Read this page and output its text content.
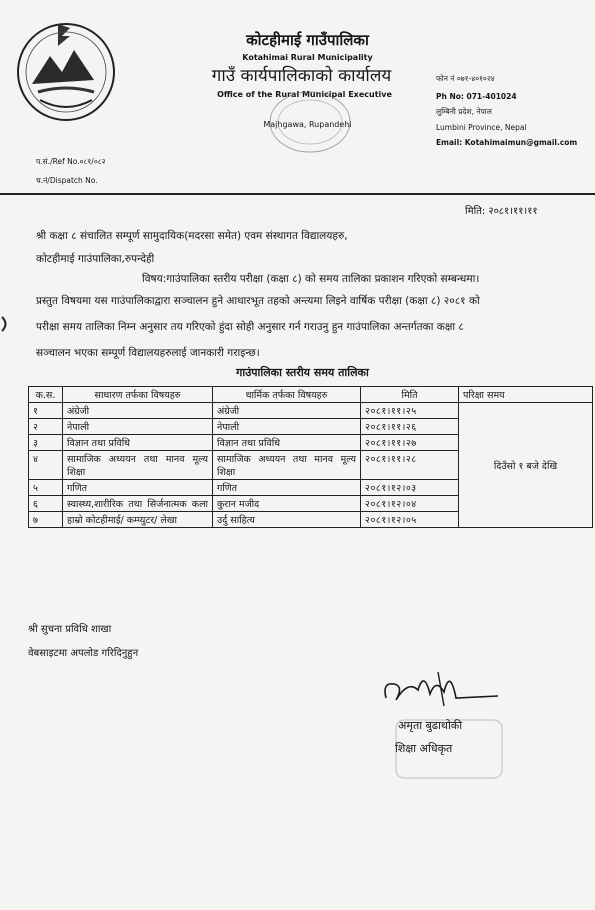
कोटहीमाई गाउँपालिका
Kotahimai Rural Municipality
गाउँ कार्यपालिकाको कार्यालय
Office of the Rural Municipal Executive
Majhgawa, Rupandehi
फोन नं ०७१-४०१०२४
Ph No: 071-401024
लुम्बिनी प्रदेश, नेपाल
Lumbini Province, Nepal
Email: Kotahimaimun@gmail.com
प.सं./Ref No.०८१/०८२
च.नं/Dispatch No.
मिति: २०८१।११।११
श्री कक्षा ८ संचालित सम्पूर्ण सामुदायिक(मदरसा समेत) एवम संस्थागत विद्यालयहरु,
कोटहीमाई गाउंपालिका,रुपन्देही
विषय:गाउंपालिका स्तरीय परीक्षा (कक्षा ८) को समय तालिका प्रकाशन गरिएको सम्बन्धमा।
प्रस्तुत विषयमा यस गाउंपालिकाद्वारा सञ्चालन हुने आधारभूत तहको अन्त्यमा लिइने वार्षिक परीक्षा (कक्षा ८) २०८१ को
परीक्षा समय तालिका निम्न अनुसार तय गरिएको हुंदा सोही अनुसार गर्न गराउनु हुन गाउंपालिका अन्तर्गतका कक्षा ८
सञ्चालन भएका सम्पूर्ण विद्यालयहरुलाई जानकारी गराइन्छ।
गाउंपालिका स्तरीय समय तालिका
क.स.	साधारण तर्फका विषयहरु	धार्मिक तर्फका विषयहरु	मिति	परिक्षा समय
१	अंग्रेजी	अंग्रेजी	२०८१।११।२५	दिउँसो १ बजे देखि
२	नेपाली	नेपाली	२०८१।११।२६	
३	विज्ञान तथा प्रविधि	विज्ञान तथा प्रविधि	२०८१।११।२७	
४	सामाजिक अध्ययन तथा मानव मूल्य शिक्षा	सामाजिक अध्ययन तथा मानव मूल्य शिक्षा	२०८१।११।२८	
५	गणित	गणित	२०८१।१२।०३	
६	स्वास्थ्य,शारीरिक तथा सिर्जनात्मक कला	कुरान मजीद	२०८१।१२।०४	
७	हाम्रो कोटहीमाई/ कम्प्युटर/ लेखा	उर्दु साहित्य	२०८१।१२।०५	
श्री सुचना प्रविधि शाखा
वेबसाइटमा अपलोड गरिदिनुहुन
अमृता बुढाथोकी
शिक्षा अधिकृत
